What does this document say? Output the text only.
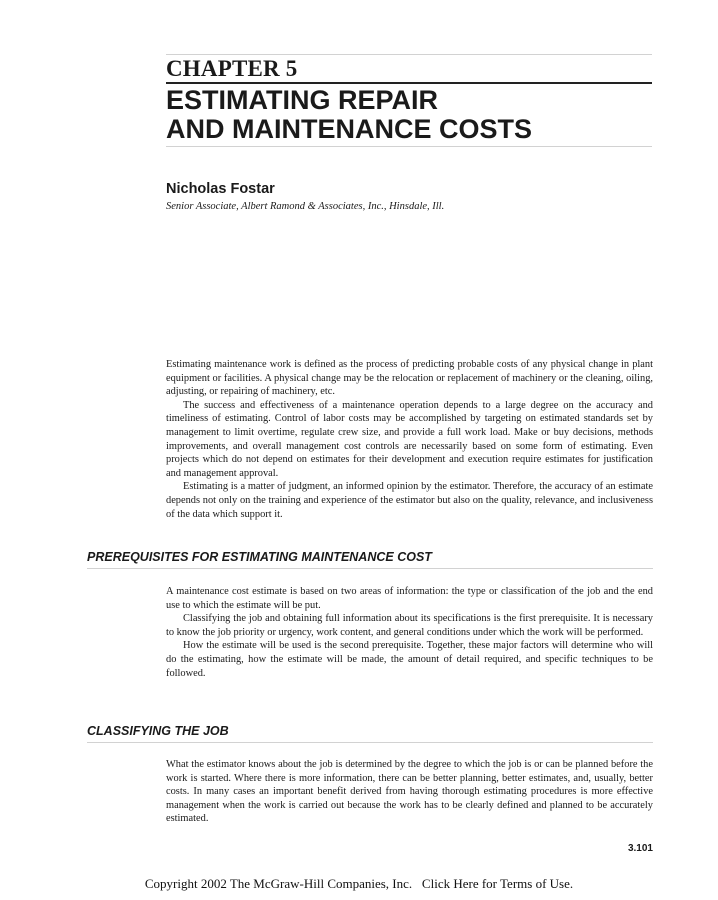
CHAPTER 5
ESTIMATING REPAIR
AND MAINTENANCE COSTS
Nicholas Fostar
Senior Associate, Albert Ramond & Associates, Inc., Hinsdale, Ill.

Estimating maintenance work is defined as the process of predicting probable costs of any physical change in plant equipment or facilities. A physical change may be the relocation or replacement of machinery or the cleaning, oiling, adjusting, or repairing of machinery, etc.

The success and effectiveness of a maintenance operation depends to a large degree on the accuracy and timeliness of estimating. Control of labor costs may be accomplished by targeting on estimated standards set by management to limit overtime, regulate crew size, and provide a full work load. Make or buy decisions, methods improvements, and overall management cost controls are necessarily based on some form of estimating. Even projects which do not depend on estimates for their development and execution require estimates for justification and management approval.

Estimating is a matter of judgment, an informed opinion by the estimator. Therefore, the accuracy of an estimate depends not only on the training and experience of the estimator but also on the quality, relevance, and inclusiveness of the data which support it.

PREREQUISITES FOR ESTIMATING MAINTENANCE COST

A maintenance cost estimate is based on two areas of information: the type or classification of the job and the end use to which the estimate will be put.

Classifying the job and obtaining full information about its specifications is the first prerequisite. It is necessary to know the job priority or urgency, work content, and general conditions under which the work will be performed.

How the estimate will be used is the second prerequisite. Together, these major factors will determine who will do the estimating, how the estimate will be made, the amount of detail required, and specific techniques to be followed.

CLASSIFYING THE JOB

What the estimator knows about the job is determined by the degree to which the job is or can be planned before the work is started. Where there is more information, there can be better planning, better estimates, and, usually, better costs. In many cases an important benefit derived from having thorough estimating procedures is more effective management when the work is carried out because the work has to be clearly defined and planned to be accurately estimated.

3.101
Copyright 2002 The McGraw-Hill Companies, Inc. Click Here for Terms of Use.
